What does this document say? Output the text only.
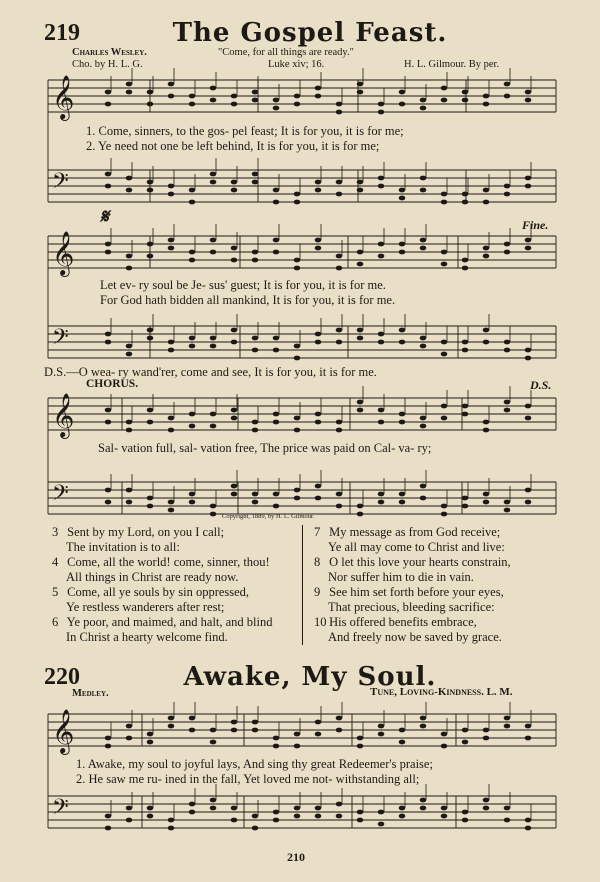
219	The Gospel Feast.
Charles Wesley.
Cho. by H. L. G.
"Come, for all things are ready."
Luke xiv; 16.	H. L. Gilmour. By per.
𝄞
𝄢
𝄞
𝄢
𝄞
𝄢
𝄞
𝄢
1. Come, sinners, to the gos- pel feast; It is for you, it is for me;
2. Ye need not one be left behind, It is for you, it is for me;
𝄋	Fine.
Let ev- ry soul be Je- sus' guest; It is for you, it is for me.
For God hath bidden all mankind, It is for you, it is for me.
D.S.—O wea- ry wand'rer, come and see, It is for you, it is for me.
CHORUS.	D.S.
Sal- vation full, sal- vation free, The price was paid on Cal- va- ry;
Copyright, 1889, by H. L. Gilmour.
3 Sent by my Lord, on you I call;
The invitation is to all:
4 Come, all the world! come, sinner, thou!
All things in Christ are ready now.
5 Come, all ye souls by sin oppressed,
Ye restless wanderers after rest;
6 Ye poor, and maimed, and halt, and blind
In Christ a hearty welcome find.
7 My message as from God receive;
Ye all may come to Christ and live:
8 O let this love your hearts constrain,
Nor suffer him to die in vain.
9 See him set forth before your eyes,
That precious, bleeding sacrifice:
10 His offered benefits embrace,
And freely now be saved by grace.
220	Awake, My Soul.
Medley.	Tune, Loving-Kindness. L. M.
1. Awake, my soul to joyful lays, And sing thy great Redeemer's praise;
2. He saw me ru- ined in the fall, Yet loved me not- withstanding all;
210
